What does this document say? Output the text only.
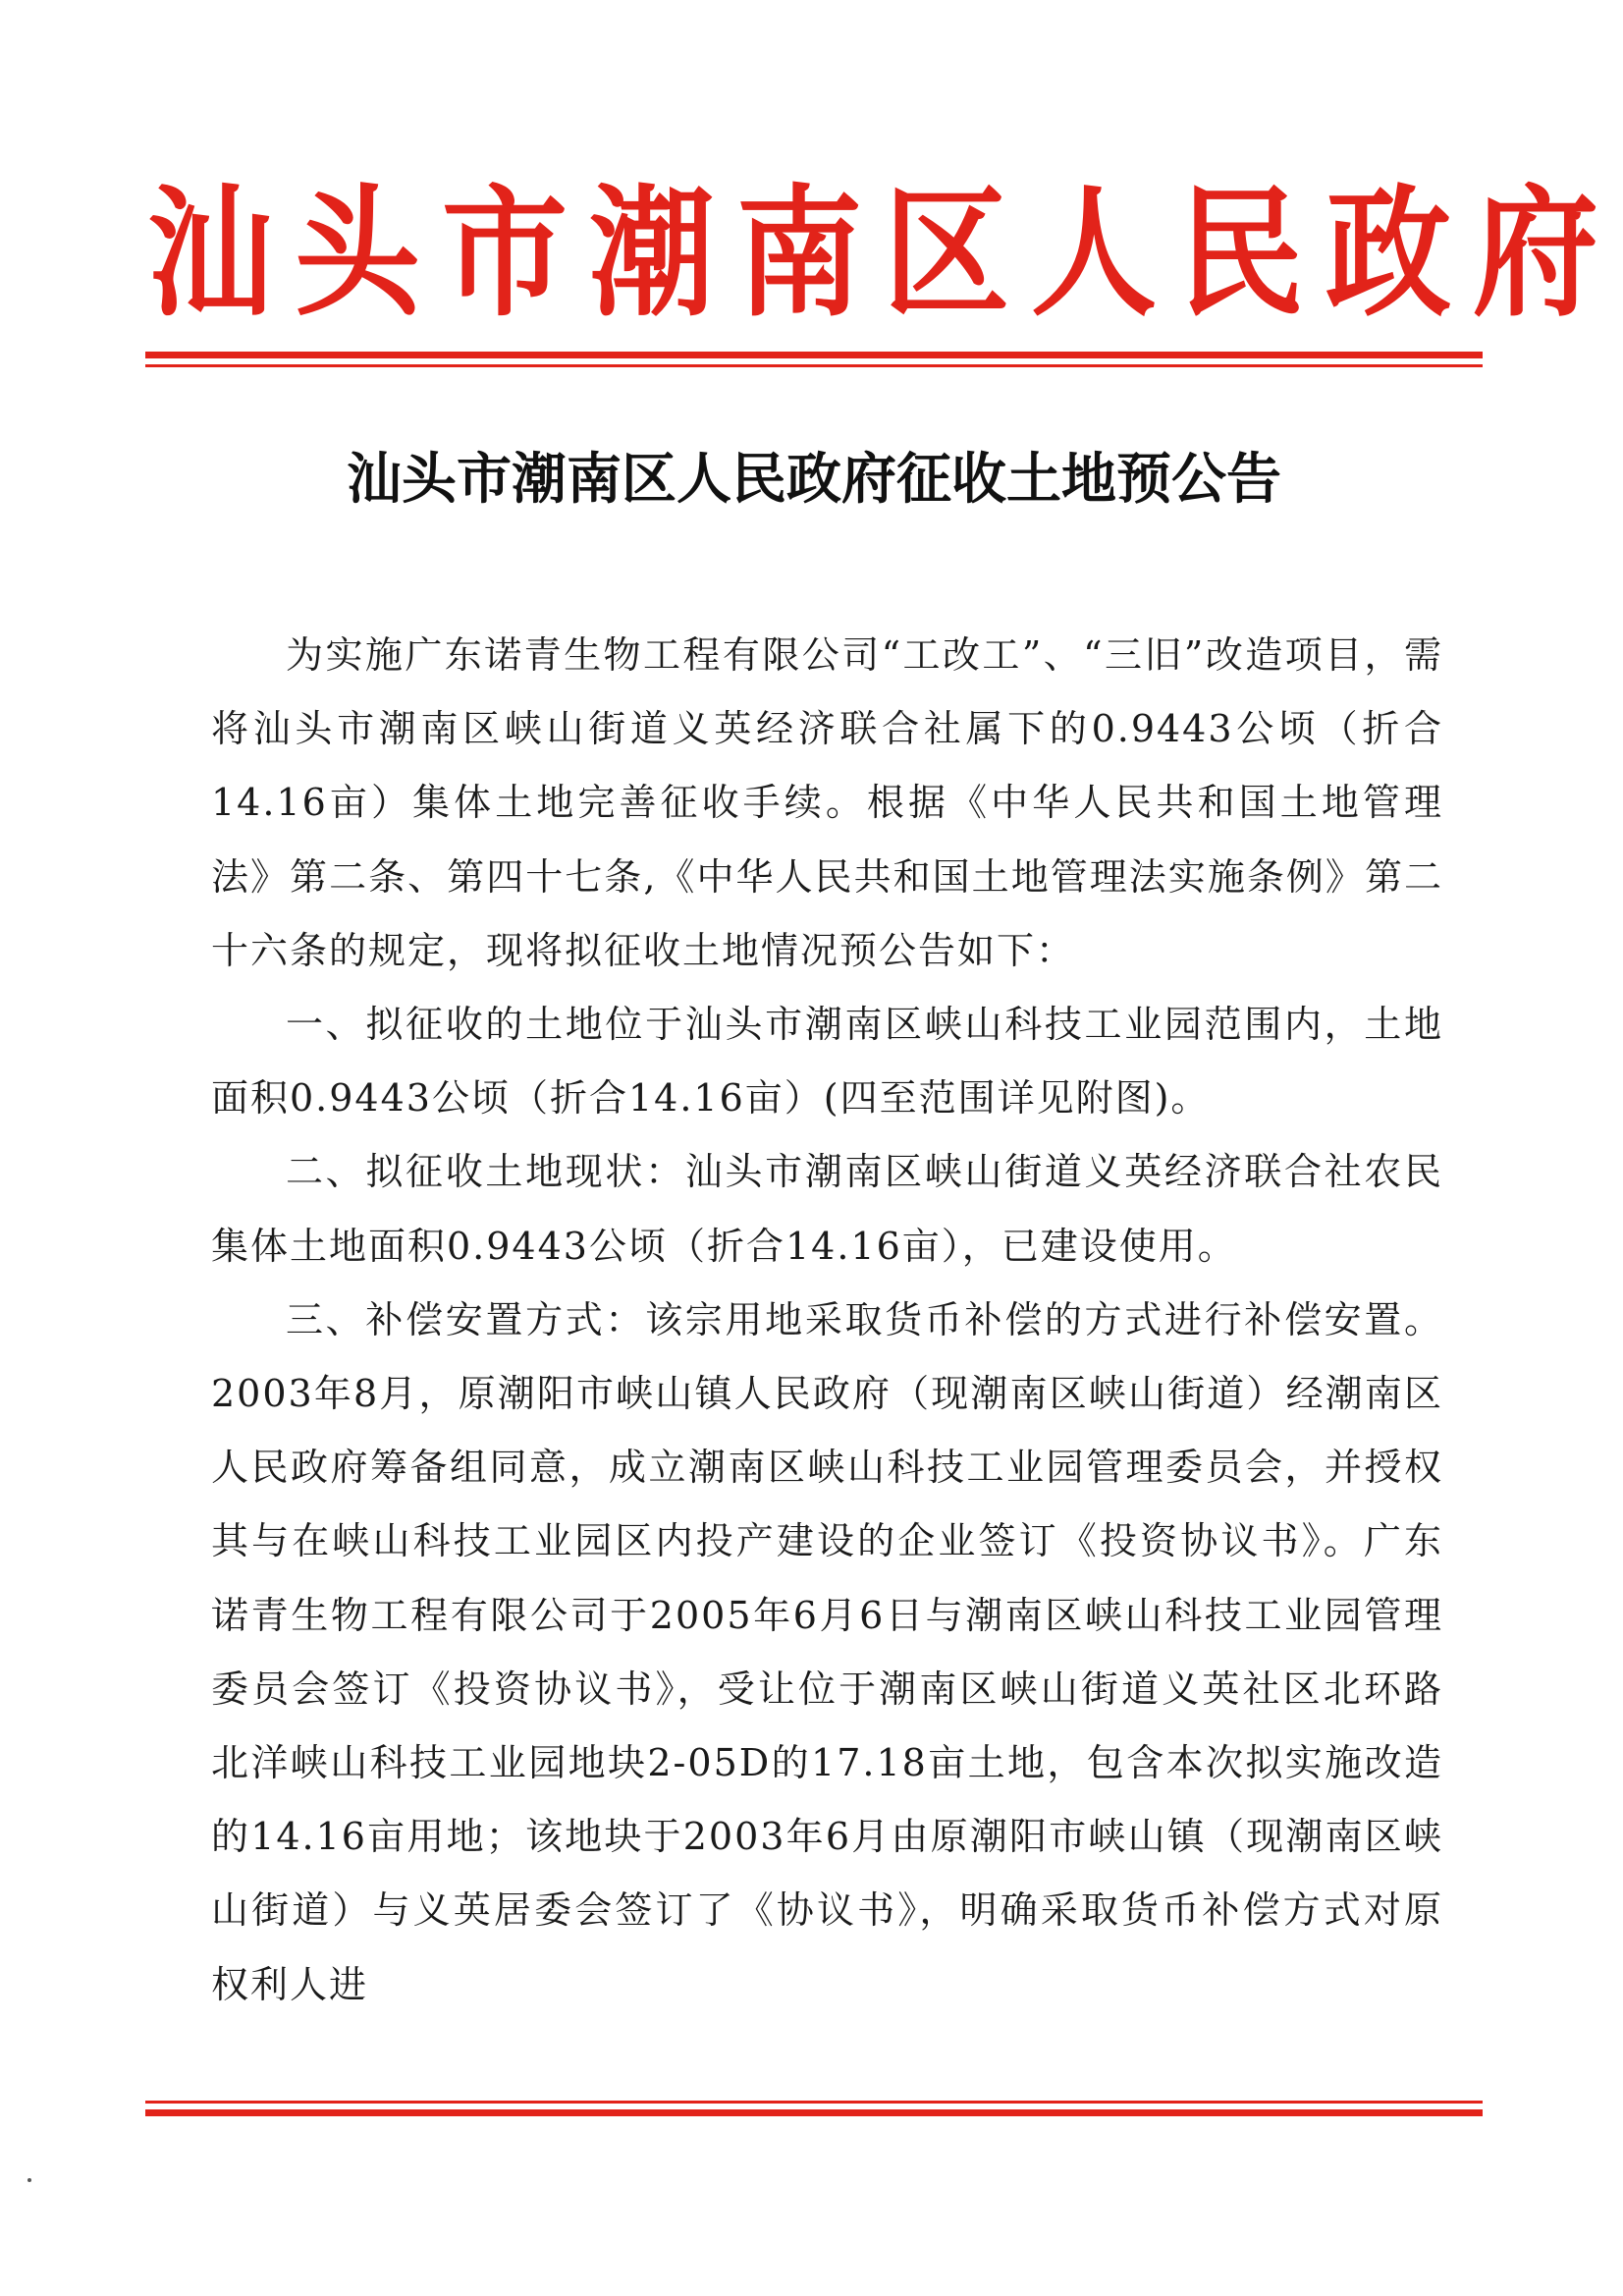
汕头市潮南区人民政府
汕头市潮南区人民政府征收土地预公告

为实施广东诺青生物工程有限公司“工改工”、“三旧”改造项目，需将汕头市潮南区峡山街道义英经济联合社属下的0.9443公顷（折合14.16亩）集体土地完善征收手续。根据《中华人民共和国土地管理法》第二条、第四十七条,《中华人民共和国土地管理法实施条例》第二十六条的规定，现将拟征收土地情况预公告如下：

一、拟征收的土地位于汕头市潮南区峡山科技工业园范围内，土地面积0.9443公顷（折合14.16亩）(四至范围详见附图)。

二、拟征收土地现状：汕头市潮南区峡山街道义英经济联合社农民集体土地面积0.9443公顷（折合14.16亩），已建设使用。

三、补偿安置方式：该宗用地采取货币补偿的方式进行补偿安置。2003年8月，原潮阳市峡山镇人民政府（现潮南区峡山街道）经潮南区人民政府筹备组同意，成立潮南区峡山科技工业园管理委员会，并授权其与在峡山科技工业园区内投产建设的企业签订《投资协议书》。广东诺青生物工程有限公司于2005年6月6日与潮南区峡山科技工业园管理委员会签订《投资协议书》，受让位于潮南区峡山街道义英社区北环路北洋峡山科技工业园地块2-05D的17.18亩土地，包含本次拟实施改造的14.16亩用地；该地块于2003年6月由原潮阳市峡山镇（现潮南区峡山街道）与义英居委会签订了《协议书》，明确采取货币补偿方式对原权利人进
